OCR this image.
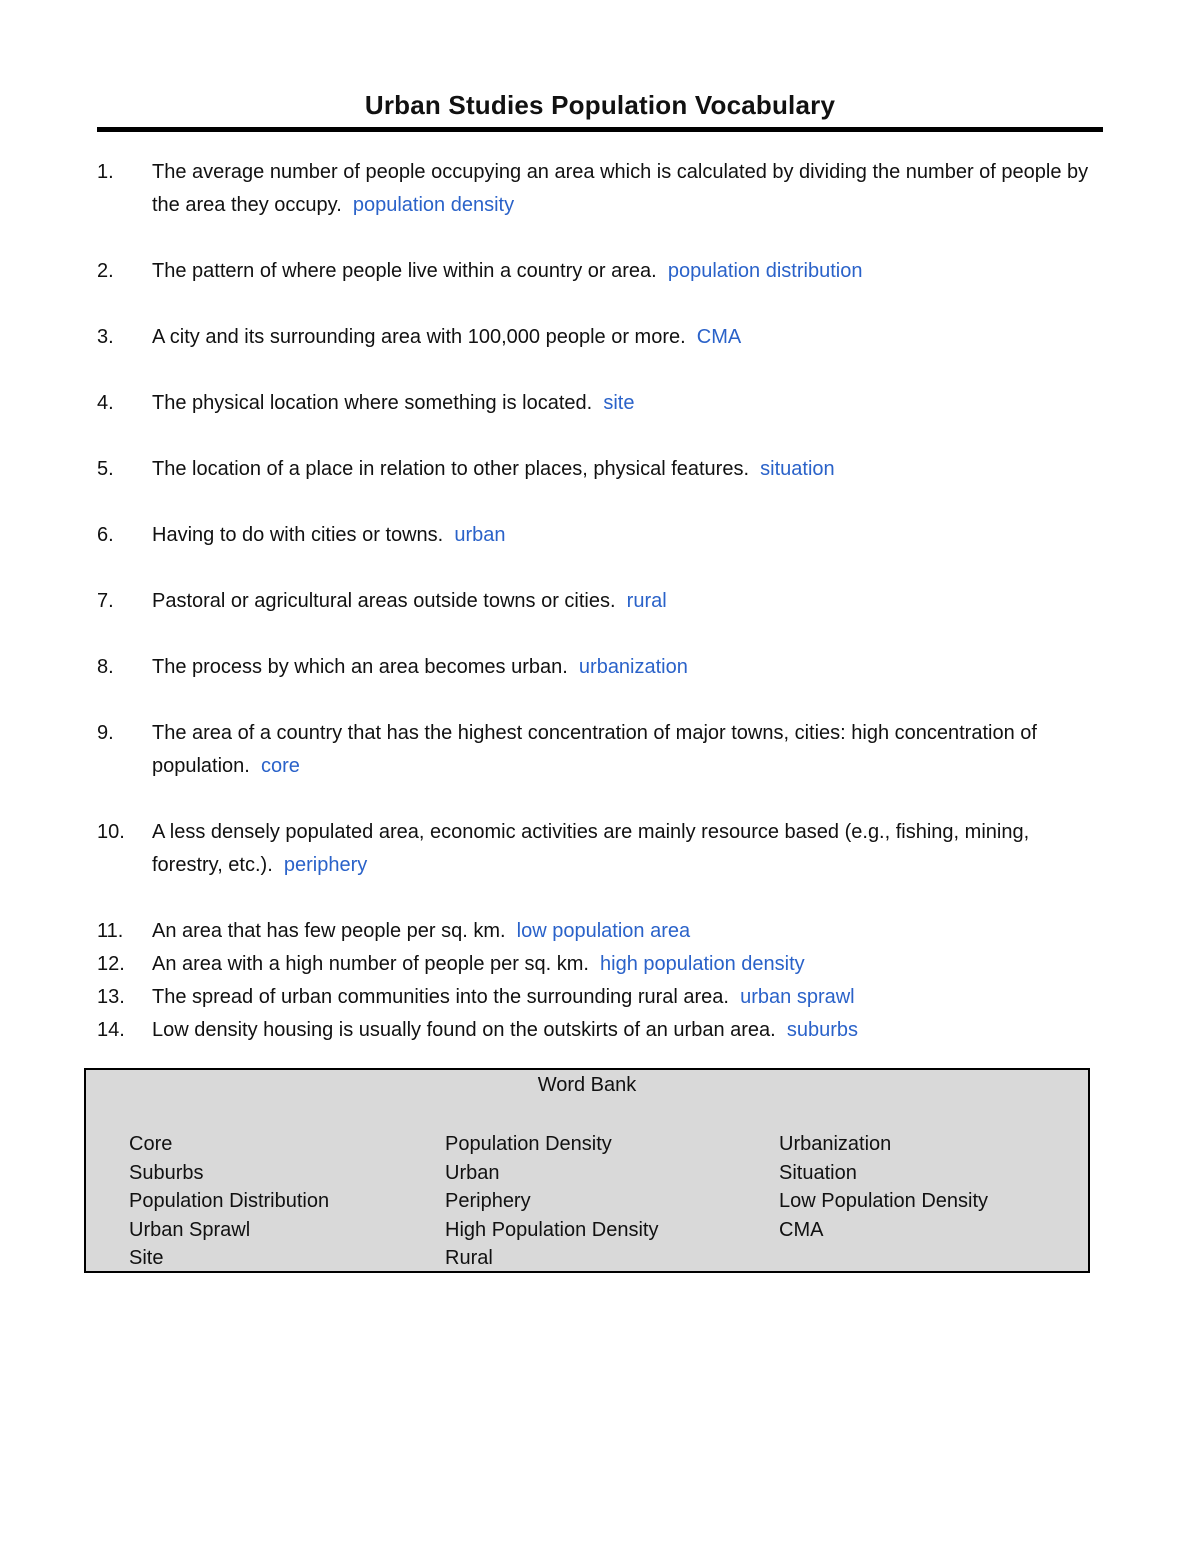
Urban Studies Population Vocabulary
1. The average number of people occupying an area which is calculated by dividing the number of people by the area they occupy. population density
2. The pattern of where people live within a country or area. population distribution
3. A city and its surrounding area with 100,000 people or more. CMA
4. The physical location where something is located. site
5. The location of a place in relation to other places, physical features. situation
6. Having to do with cities or towns. urban
7. Pastoral or agricultural areas outside towns or cities. rural
8. The process by which an area becomes urban. urbanization
9. The area of a country that has the highest concentration of major towns, cities: high concentration of population. core
10. A less densely populated area, economic activities are mainly resource based (e.g., fishing, mining, forestry, etc.). periphery
11. An area that has few people per sq. km. low population area
12. An area with a high number of people per sq. km. high population density
13. The spread of urban communities into the surrounding rural area. urban sprawl
14. Low density housing is usually found on the outskirts of an urban area. suburbs
Word Bank
Core
Suburbs
Population Distribution
Urban Sprawl
Site
Population Density
Urban
Periphery
High Population Density
Rural
Urbanization
Situation
Low Population Density
CMA
